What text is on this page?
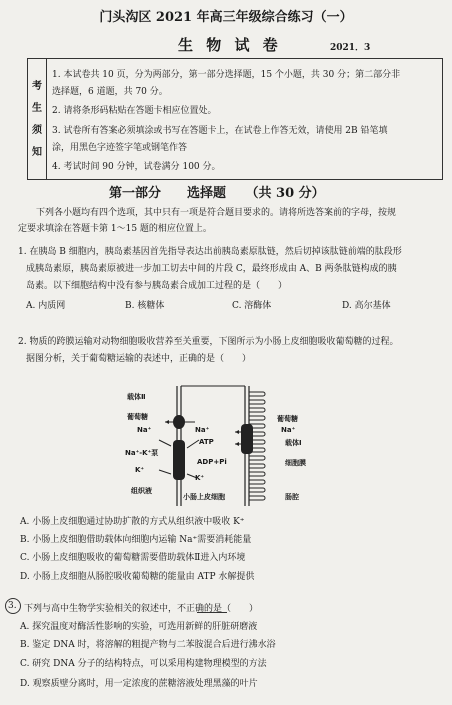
门头沟区 2021 年高三年级综合练习（一）
生 物 试 卷	2021．3
考
生
须
知
1. 本试卷共 10 页，分为两部分，第一部分选择题，15 个小题，共 30 分；第二部分非
选择题，6 道题，共 70 分。
2. 请将条形码粘贴在答题卡相应位置处。
3. 试卷所有答案必须填涂或书写在答题卡上，在试卷上作答无效，请使用 2B 铅笔填
涂，用黑色字迹签字笔或钢笔作答
4. 考试时间 90 分钟，试卷满分 100 分。
第一部分　　选择题　　（共 30 分）
下列各小题均有四个选项，其中只有一项是符合题目要求的。请将所选答案前的字母，按规
定要求填涂在答题卡第 1～15 题的相应位置上。
1. 在胰岛 B 细胞内，胰岛素基因首先指导表达出前胰岛素原肽链，然后切掉该肽链前端的肽段形
成胰岛素原，胰岛素原被进一步加工切去中间的片段 C，最终形成由 A、B 两条肽链构成的胰
岛素。以下细胞结构中没有参与胰岛素合成加工过程的是（　　）
A. 内质网	B. 核糖体	C. 溶酶体	D. 高尔基体
2. 物质的跨膜运输对动物细胞吸收营养至关重要，下图所示为小肠上皮细胞吸收葡萄糖的过程。
据图分析，关于葡萄糖运输的表述中，正确的是（　　）
载体Ⅱ
葡萄糖
Na⁺	Na⁺
ATP
Na⁺-K⁺泵
ADP+Pi
K⁺
K⁺
葡萄糖
Na⁺
载体Ⅰ
细胞膜
组织液
小肠上皮细胞	肠腔
A. 小肠上皮细胞通过协助扩散的方式从组织液中吸收 K⁺
B. 小肠上皮细胞借助载体向细胞内运输 Na⁺需要消耗能量
C. 小肠上皮细胞吸收的葡萄糖需要借助载体Ⅱ进入内环境
D. 小肠上皮细胞从肠腔吸收葡萄糖的能量由 ATP 水解提供
3. 下列与高中生物学实验相关的叙述中，不正确的是（　　）
A. 探究温度对酶活性影响的实验，可选用新鲜的肝脏研磨液
B. 鉴定 DNA 时，将溶解的粗提产物与二苯胺混合后进行沸水浴
C. 研究 DNA 分子的结构特点，可以采用构建物理模型的方法
D. 观察质壁分离时，用一定浓度的蔗糖溶液处理黑藻的叶片
